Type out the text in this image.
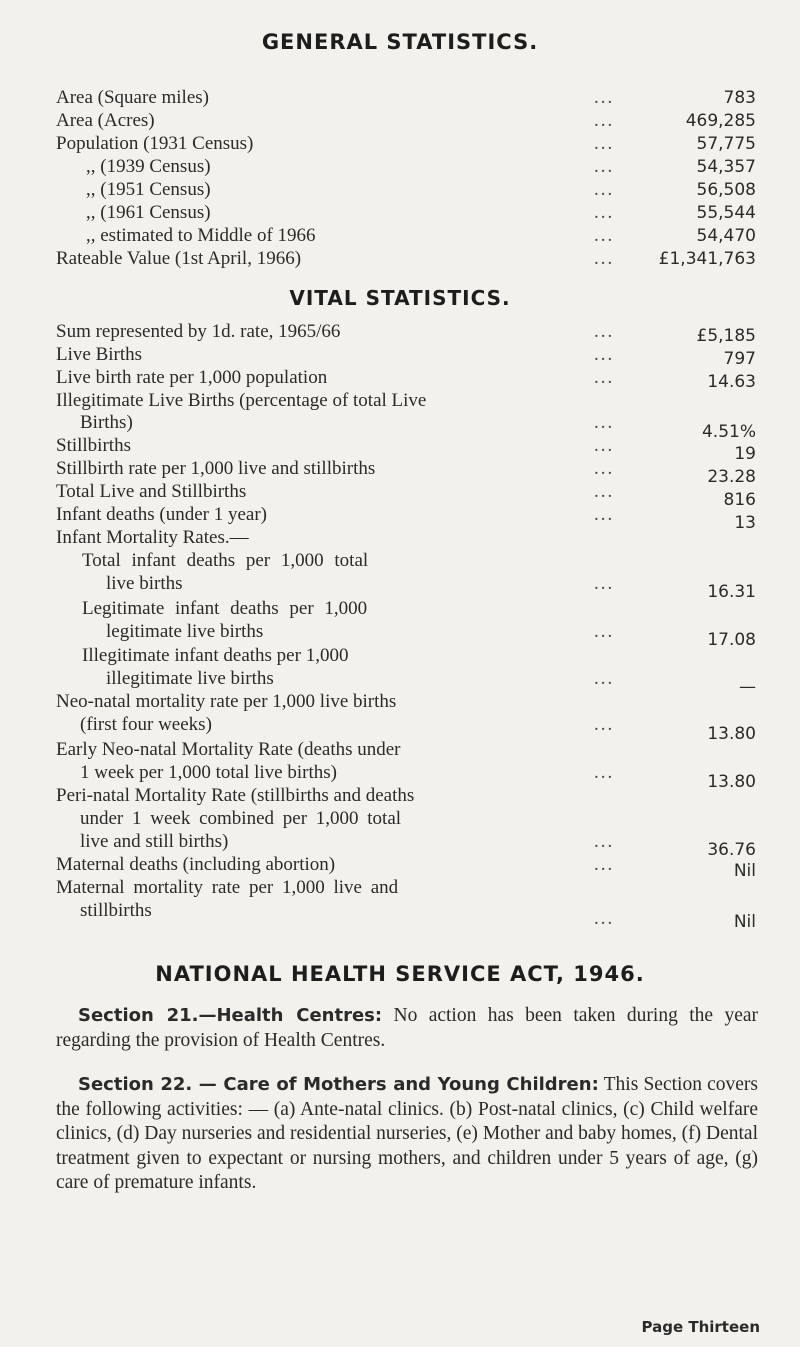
GENERAL STATISTICS.
Area (Square miles)	...	783
Area (Acres)	...	469,285
Population (1931 Census)	...	57,775
,, (1939 Census)	...	54,357
,, (1951 Census)	...	56,508
,, (1961 Census)	...	55,544
,, estimated to Middle of 1966	...	54,470
Rateable Value (1st April, 1966)	...	£1,341,763
VITAL STATISTICS.
Sum represented by 1d. rate, 1965/66	...	£5,185
Live Births	...	797
Live birth rate per 1,000 population	...	14.63
Illegitimate Live Births (percentage of total Live
Births)	...	4.51%
Stillbirths	...	19
Stillbirth rate per 1,000 live and stillbirths	...	23.28
Total Live and Stillbirths	...	816
Infant deaths (under 1 year)	...	13
Infant Mortality Rates.—
Total infant deaths per 1,000 total
live births	...	16.31
Legitimate infant deaths per 1,000
legitimate live births	...	17.08
Illegitimate infant deaths per 1,000
illegitimate live births	...	—
Neo-natal mortality rate per 1,000 live births
(first four weeks)	...	13.80
Early Neo-natal Mortality Rate (deaths under
1 week per 1,000 total live births)	...	13.80
Peri-natal Mortality Rate (stillbirths and deaths
under 1 week combined per 1,000 total
live and still births)	...	36.76
Maternal deaths (including abortion)	...	Nil
Maternal mortality rate per 1,000 live and
stillbirths	...	Nil
NATIONAL HEALTH SERVICE ACT, 1946.
Section 21.—Health Centres: No action has been taken during the year regarding the provision of Health Centres.
Section 22. — Care of Mothers and Young Children: This Section covers the following activities: — (a) Ante-natal clinics. (b) Post-natal clinics, (c) Child welfare clinics, (d) Day nurseries and residential nurseries, (e) Mother and baby homes, (f) Dental treatment given to expectant or nursing mothers, and children under 5 years of age, (g) care of premature infants.
Page Thirteen
